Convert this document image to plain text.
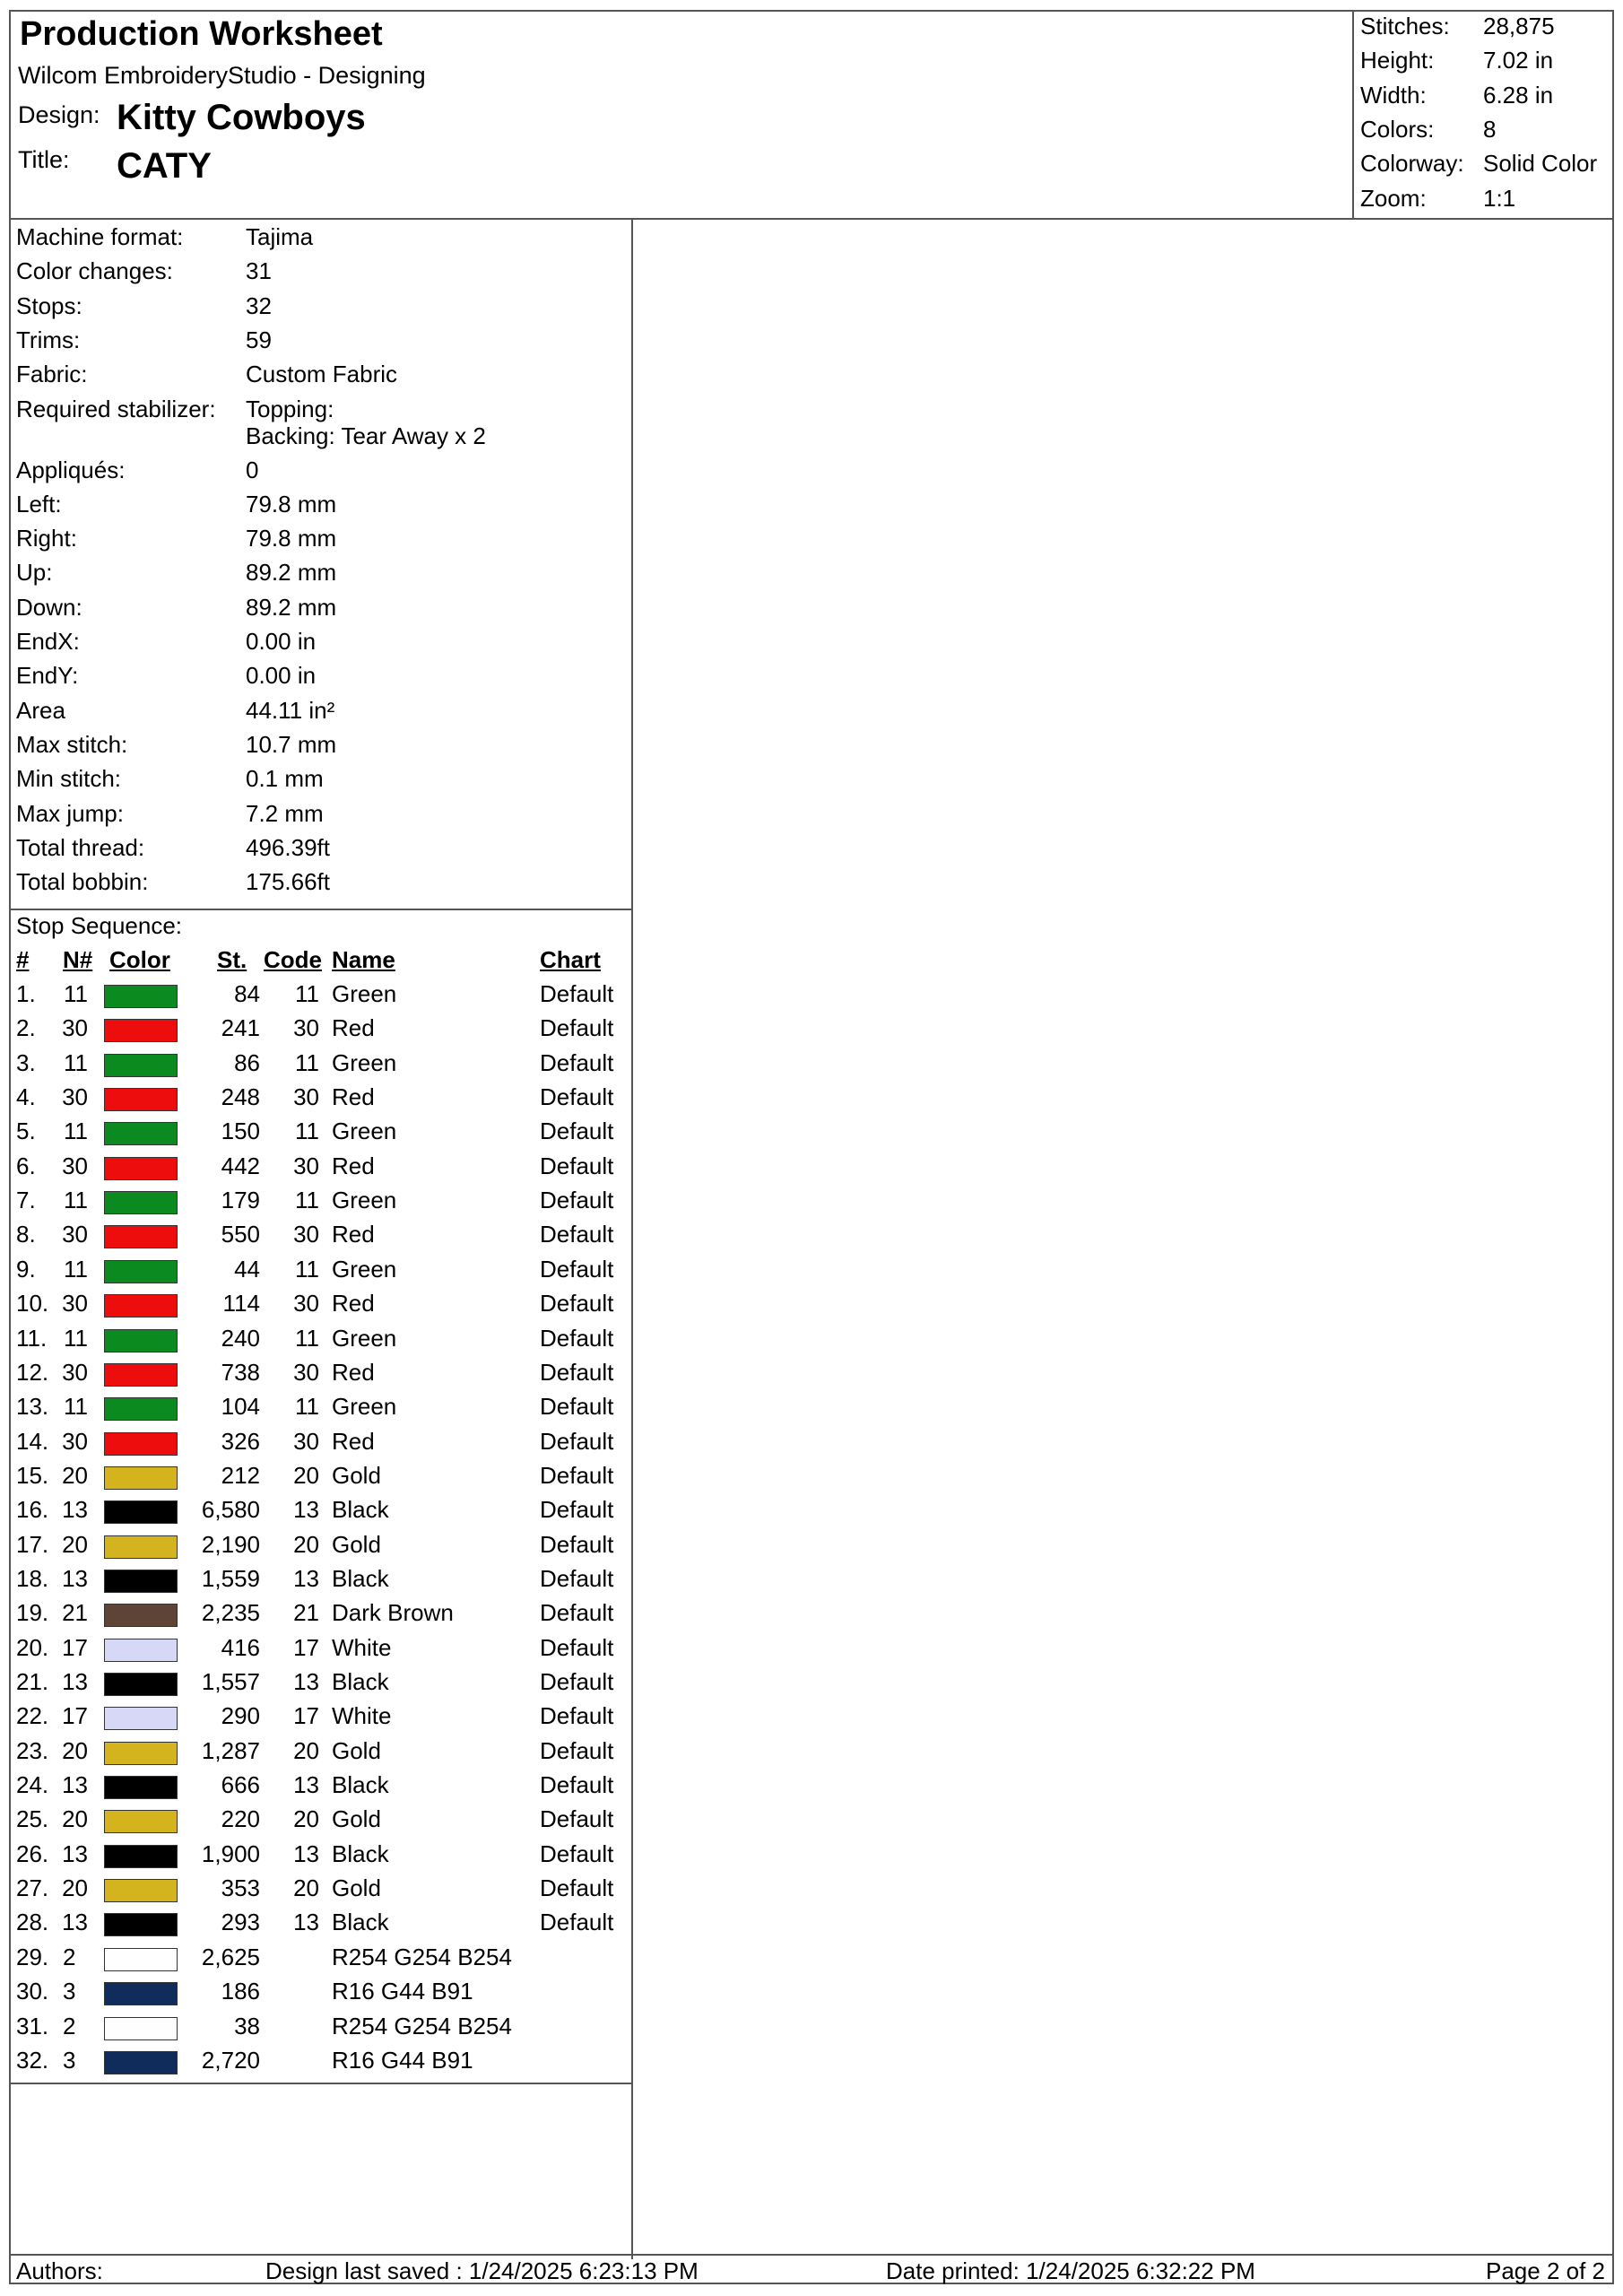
Production Worksheet
Wilcom EmbroideryStudio - Designing
Design: Kitty Cowboys
Title: CATY
Stitches: 28,875
Height: 7.02 in
Width: 6.28 in
Colors: 8
Colorway: Solid Color
Zoom: 1:1
Machine format:	Tajima
Color changes:	31
Stops:	32
Trims:	59
Fabric:	Custom Fabric
Required stabilizer: Topping:
Backing: Tear Away x 2
Appliqués:	0
Left:	79.8 mm
Right:	79.8 mm
Up:	89.2 mm
Down:	89.2 mm
EndX:	0.00 in
EndY:	0.00 in
Area	44.11 in²
Max stitch:	10.7 mm
Min stitch:	0.1 mm
Max jump:	7.2 mm
Total thread:	496.39ft
Total bobbin:	175.66ft
Stop Sequence:
# N# Color St. Code Name	Chart
1.	11	84	11 Green	Default
2.	30	241	30 Red	Default
3.	11	86	11 Green	Default
4.	30	248	30 Red	Default
5.	11	150	11 Green	Default
6.	30	442	30 Red	Default
7.	11	179	11 Green	Default
8.	30	550	30 Red	Default
9.	11	44	11 Green	Default
10. 30	114	30 Red	Default
11. 11	240	11 Green	Default
12. 30	738	30 Red	Default
13. 11	104	11 Green	Default
14. 30	326	30 Red	Default
15. 20	212	20 Gold	Default
16. 13	6,580	13 Black	Default
17. 20	2,190	20 Gold	Default
18. 13	1,559	13 Black	Default
19. 21	2,235	21 Dark Brown	Default
20. 17	416	17 White	Default
21. 13	1,557	13 Black	Default
22. 17	290	17 White	Default
23. 20	1,287	20 Gold	Default
24. 13	666	13 Black	Default
25. 20	220	20 Gold	Default
26. 13	1,900	13 Black	Default
27. 20	353	20 Gold	Default
28. 13	293	13 Black	Default
29. 2	2,625	R254 G254 B254
30. 3	186	R16 G44 B91
31. 2	38	R254 G254 B254
32. 3	2,720	R16 G44 B91
Authors:	Design last saved : 1/24/2025 6:23:13 PM	Date printed: 1/24/2025 6:32:22 PM	Page 2 of 2
